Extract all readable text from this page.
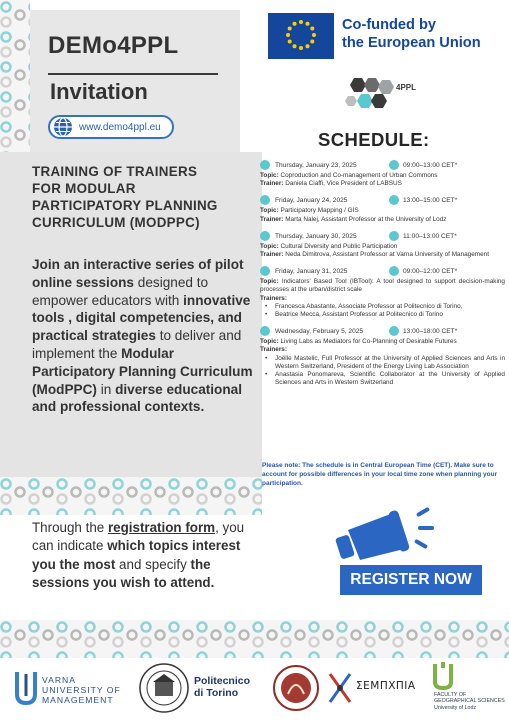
DEMo4PPL
Invitation
www.demo4ppl.eu
TRAINING OF TRAINERS
FOR MODULAR
PARTICIPATORY PLANNING
CURRICULUM (MODPPC)
Join an interactive series of pilot online sessions designed to empower educators with innovative tools , digital competencies, and practical strategies to deliver and implement the Modular Participatory Planning Curriculum (ModPPC) in diverse educational and professional contexts.
Through the registration form, you can indicate which topics interest you the most and specify the sessions you wish to attend.
Co-funded by
the European Union
4PPL
SCHEDULE:
Thursday, January 23, 2025	09:00–13:00 CET*
Topic: Coproduction and Co-management of Urban Commons
Trainer: Daniela Ciaffi, Vice President of LABSUS
Friday, January 24, 2025	13:00–15:00 CET*
Topic: Participatory Mapping / GIS
Trainer: Marta Nalej, Assistant Professor at the University of Lodz
Thursday, January 30, 2025	11:00–13:00 CET*
Topic: Cultural Diversity and Public Participation
Trainer: Neda Dimitrova, Assistant Professor at Varna University of Management
Friday, January 31, 2025	09:00–12:00 CET*
Topic: Indicators' Based Tool (IBTool): A tool designed to support decision-making processes at the urban/district scale
Trainers:
• Francesca Abastante, Associate Professor at Politecnico di Torino,
• Beatrice Mecca, Assistant Professor at Politecnico di Torino
Wednesday, February 5, 2025	13:00–18:00 CET*
Topic: Living Labs as Mediators for Co-Planning of Desirable Futures
Trainers:
• Joëlle Mastelic, Full Professor at the University of Applied Sciences and Arts in Western Switzerland, President of the Energy Living Lab Association
• Anastasia Ponomareva, Scientific Collaborator at the University of Applied Sciences and Arts in Western Switzerland
Please note: The schedule is in Central European Time (CET). Make sure to account for possible differences in your local time zone when planning your participation.
REGISTER NOW
VARNA
UNIVERSITY OF
MANAGEMENT
Politecnico
di Torino
ΣΕΜΠΧΠΙΑ
FACULTY OF
GEOGRAPHICAL SCIENCES
University of Lodz
